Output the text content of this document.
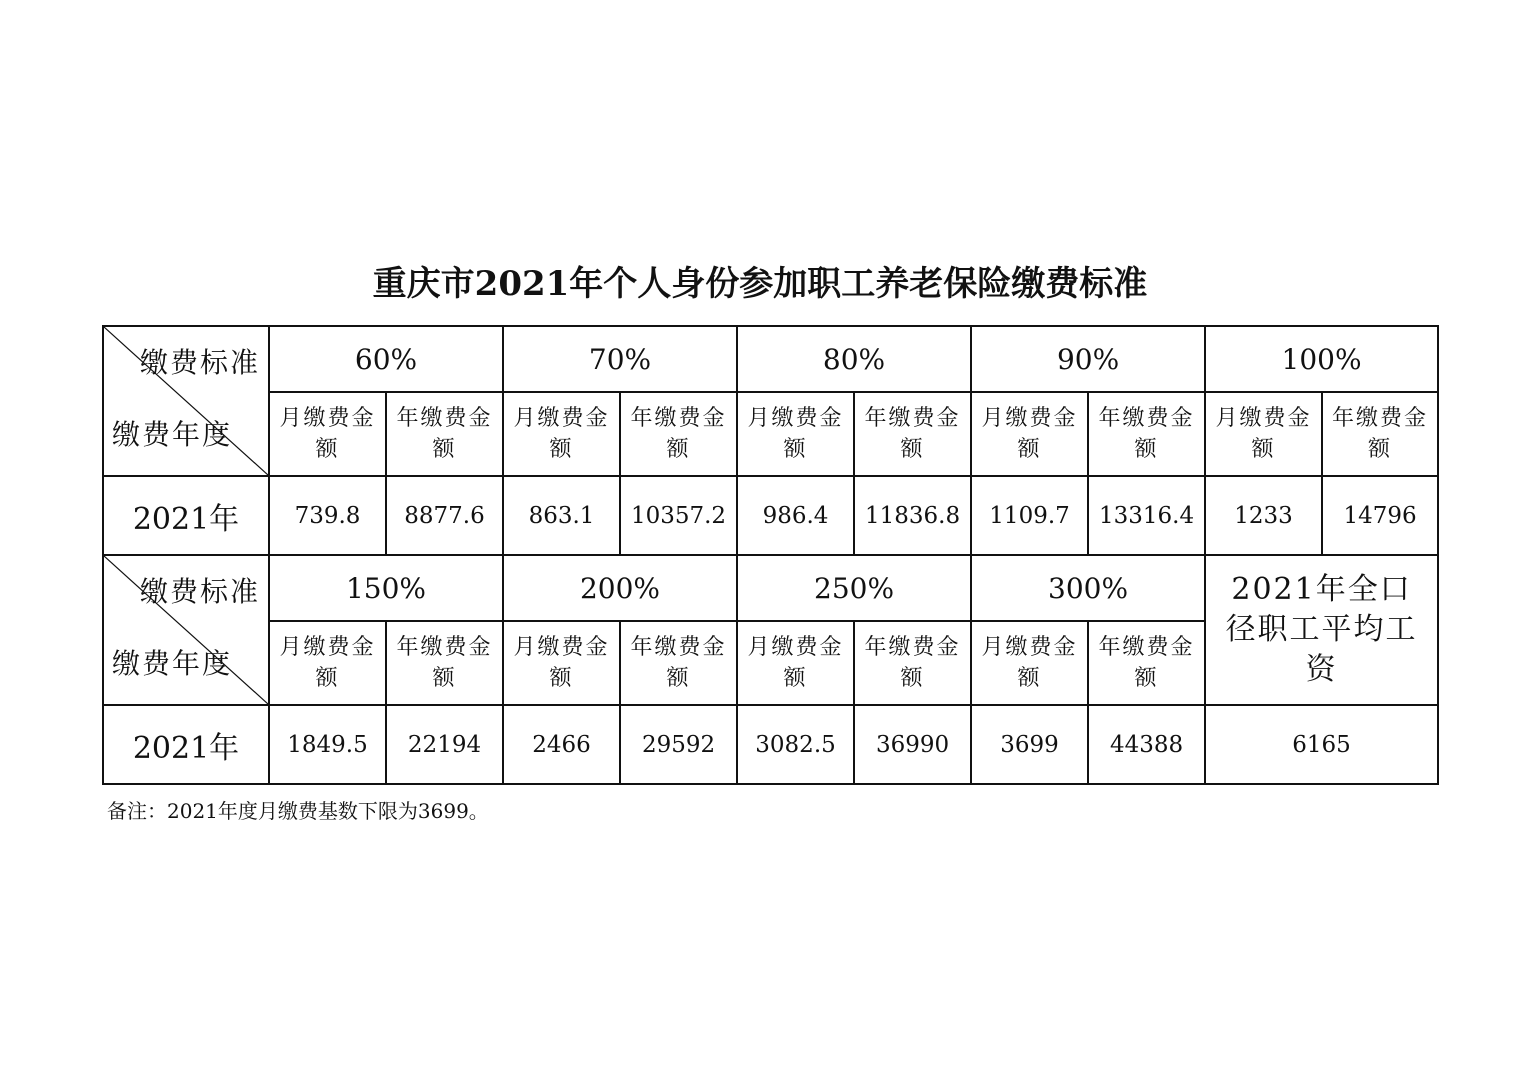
重庆市2021年个人身份参加职工养老保险缴费标准
缴费标准
缴费年度	60%		70%		80%		90%		100%	
	月缴费金额	年缴费金额	月缴费金额	年缴费金额	月缴费金额	年缴费金额	月缴费金额	年缴费金额	月缴费金额	年缴费金额
2021年	739.8	8877.6	863.1	10357.2	986.4	11836.8	1109.7	13316.4	1233	14796

缴费标准
缴费年度	150%		200%		250%		300%		2021年全口径职工平均工资	

	月缴费金额	年缴费金额	月缴费金额	年缴费金额	月缴费金额	年缴费金额	月缴费金额	年缴费金额		
2021年	1849.5	22194	2466	29592	3082.5	36990	3699	44388	6165	
备注：2021年度月缴费基数下限为3699。
